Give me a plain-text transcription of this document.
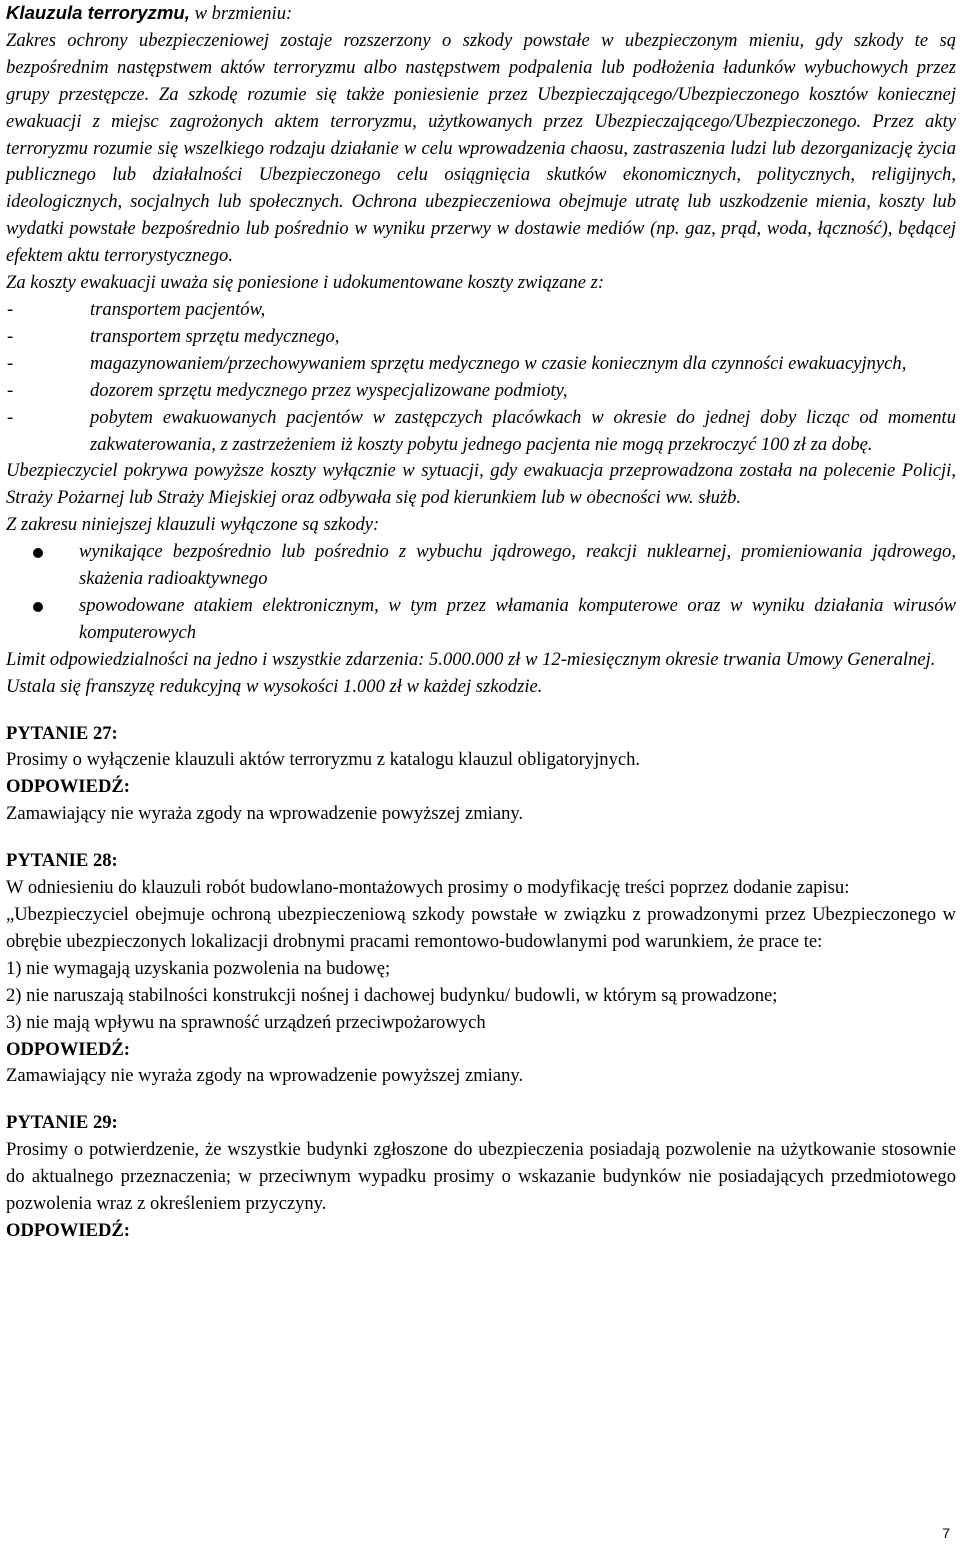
Klauzula terroryzmu, w brzmieniu:

Zakres ochrony ubezpieczeniowej zostaje rozszerzony o szkody powstałe w ubezpieczonym mieniu, gdy szkody te są bezpośrednim następstwem aktów terroryzmu albo następstwem podpalenia lub podłożenia ładunków wybuchowych przez grupy przestępcze. Za szkodę rozumie się także poniesienie przez Ubezpieczającego/Ubezpieczonego kosztów koniecznej ewakuacji z miejsc zagrożonych aktem terroryzmu, użytkowanych przez Ubezpieczającego/Ubezpieczonego. Przez akty terroryzmu rozumie się wszelkiego rodzaju działanie w celu wprowadzenia chaosu, zastraszenia ludzi lub dezorganizację życia publicznego lub działalności Ubezpieczonego celu osiągnięcia skutków ekonomicznych, politycznych, religijnych, ideologicznych, socjalnych lub społecznych. Ochrona ubezpieczeniowa obejmuje utratę lub uszkodzenie mienia, koszty lub wydatki powstałe bezpośrednio lub pośrednio w wyniku przerwy w dostawie mediów (np. gaz, prąd, woda, łączność), będącej efektem aktu terrorystycznego.

Za koszty ewakuacji uważa się poniesione i udokumentowane koszty związane z:

-	transportem pacjentów,
-	transportem sprzętu medycznego,
-	magazynowaniem/przechowywaniem sprzętu medycznego w czasie koniecznym dla czynności ewakuacyjnych,
-	dozorem sprzętu medycznego przez wyspecjalizowane podmioty,
-	pobytem ewakuowanych pacjentów w zastępczych placówkach w okresie do jednej doby licząc od momentu zakwaterowania, z zastrzeżeniem iż koszty pobytu jednego pacjenta nie mogą przekroczyć 100 zł za dobę.

Ubezpieczyciel pokrywa powyższe koszty wyłącznie w sytuacji, gdy ewakuacja przeprowadzona została na polecenie Policji, Straży Pożarnej lub Straży Miejskiej oraz odbywała się pod kierunkiem lub w obecności ww. służb.

Z zakresu niniejszej klauzuli wyłączone są szkody:

wynikające bezpośrednio lub pośrednio z wybuchu jądrowego, reakcji nuklearnej, promieniowania jądrowego, skażenia radioaktywnego
spowodowane atakiem elektronicznym, w tym przez włamania komputerowe oraz w wyniku działania wirusów komputerowych

Limit odpowiedzialności na jedno i wszystkie zdarzenia: 5.000.000 zł w 12-miesięcznym okresie trwania Umowy Generalnej.

Ustala się franszyzę redukcyjną w wysokości 1.000 zł w każdej szkodzie.

PYTANIE 27:

Prosimy o wyłączenie klauzuli aktów terroryzmu z katalogu klauzul obligatoryjnych.

ODPOWIEDŹ:

Zamawiający nie wyraża zgody na wprowadzenie powyższej zmiany.

PYTANIE 28:

W odniesieniu do klauzuli robót budowlano-montażowych prosimy o modyfikację treści poprzez dodanie zapisu:

„Ubezpieczyciel obejmuje ochroną ubezpieczeniową szkody powstałe w związku z prowadzonymi przez Ubezpieczonego w obrębie ubezpieczonych lokalizacji drobnymi pracami remontowo-budowlanymi pod warunkiem, że prace te:

1) nie wymagają uzyskania pozwolenia na budowę;

2) nie naruszają stabilności konstrukcji nośnej i dachowej budynku/ budowli, w którym są prowadzone;

3) nie mają wpływu na sprawność urządzeń przeciwpożarowych

ODPOWIEDŹ:

Zamawiający nie wyraża zgody na wprowadzenie powyższej zmiany.

PYTANIE 29:

Prosimy o potwierdzenie, że wszystkie budynki zgłoszone do ubezpieczenia posiadają pozwolenie na użytkowanie stosownie do aktualnego przeznaczenia; w przeciwnym wypadku prosimy o wskazanie budynków nie posiadających przedmiotowego pozwolenia wraz z określeniem przyczyny.

ODPOWIEDŹ:

7
